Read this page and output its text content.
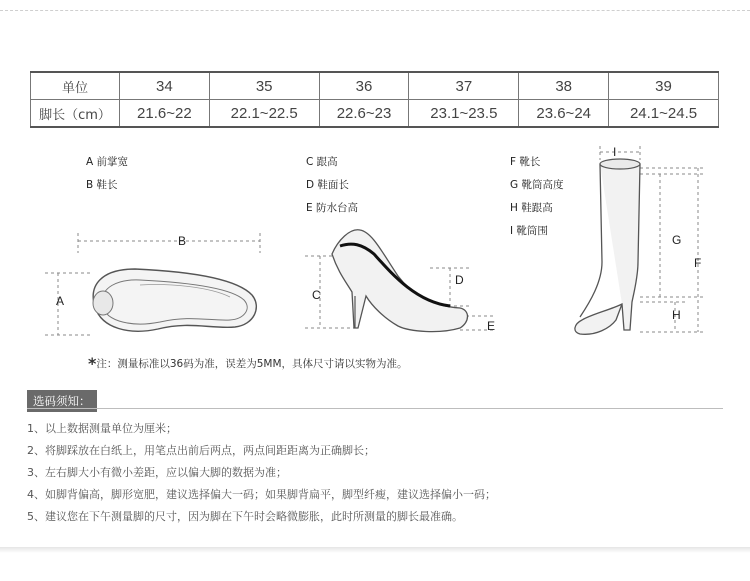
单位	34	35	36	37	38	39
脚长（cm）	21.6~22	22.1~22.5	22.6~23	23.1~23.5	23.6~24	24.1~24.5
A 前掌宽
B 鞋长
C 跟高
D 鞋面长
E 防水台高
F 靴长
G 靴筒高度
H 鞋跟高
I 靴筒围
A
B
C
D
E
I
G
F
H
*注：测量标准以36码为准，误差为5MM，具体尺寸请以实物为准。
选码须知：
1、以上数据测量单位为厘米；
2、将脚踩放在白纸上，用笔点出前后两点，两点间距距离为正确脚长；
3、左右脚大小有微小差距，应以偏大脚的数据为准；
4、如脚背偏高，脚形宽肥，建议选择偏大一码；如果脚背扁平，脚型纤瘦，建议选择偏小一码；
5、建议您在下午测量脚的尺寸，因为脚在下午时会略微膨胀，此时所测量的脚长最准确。
